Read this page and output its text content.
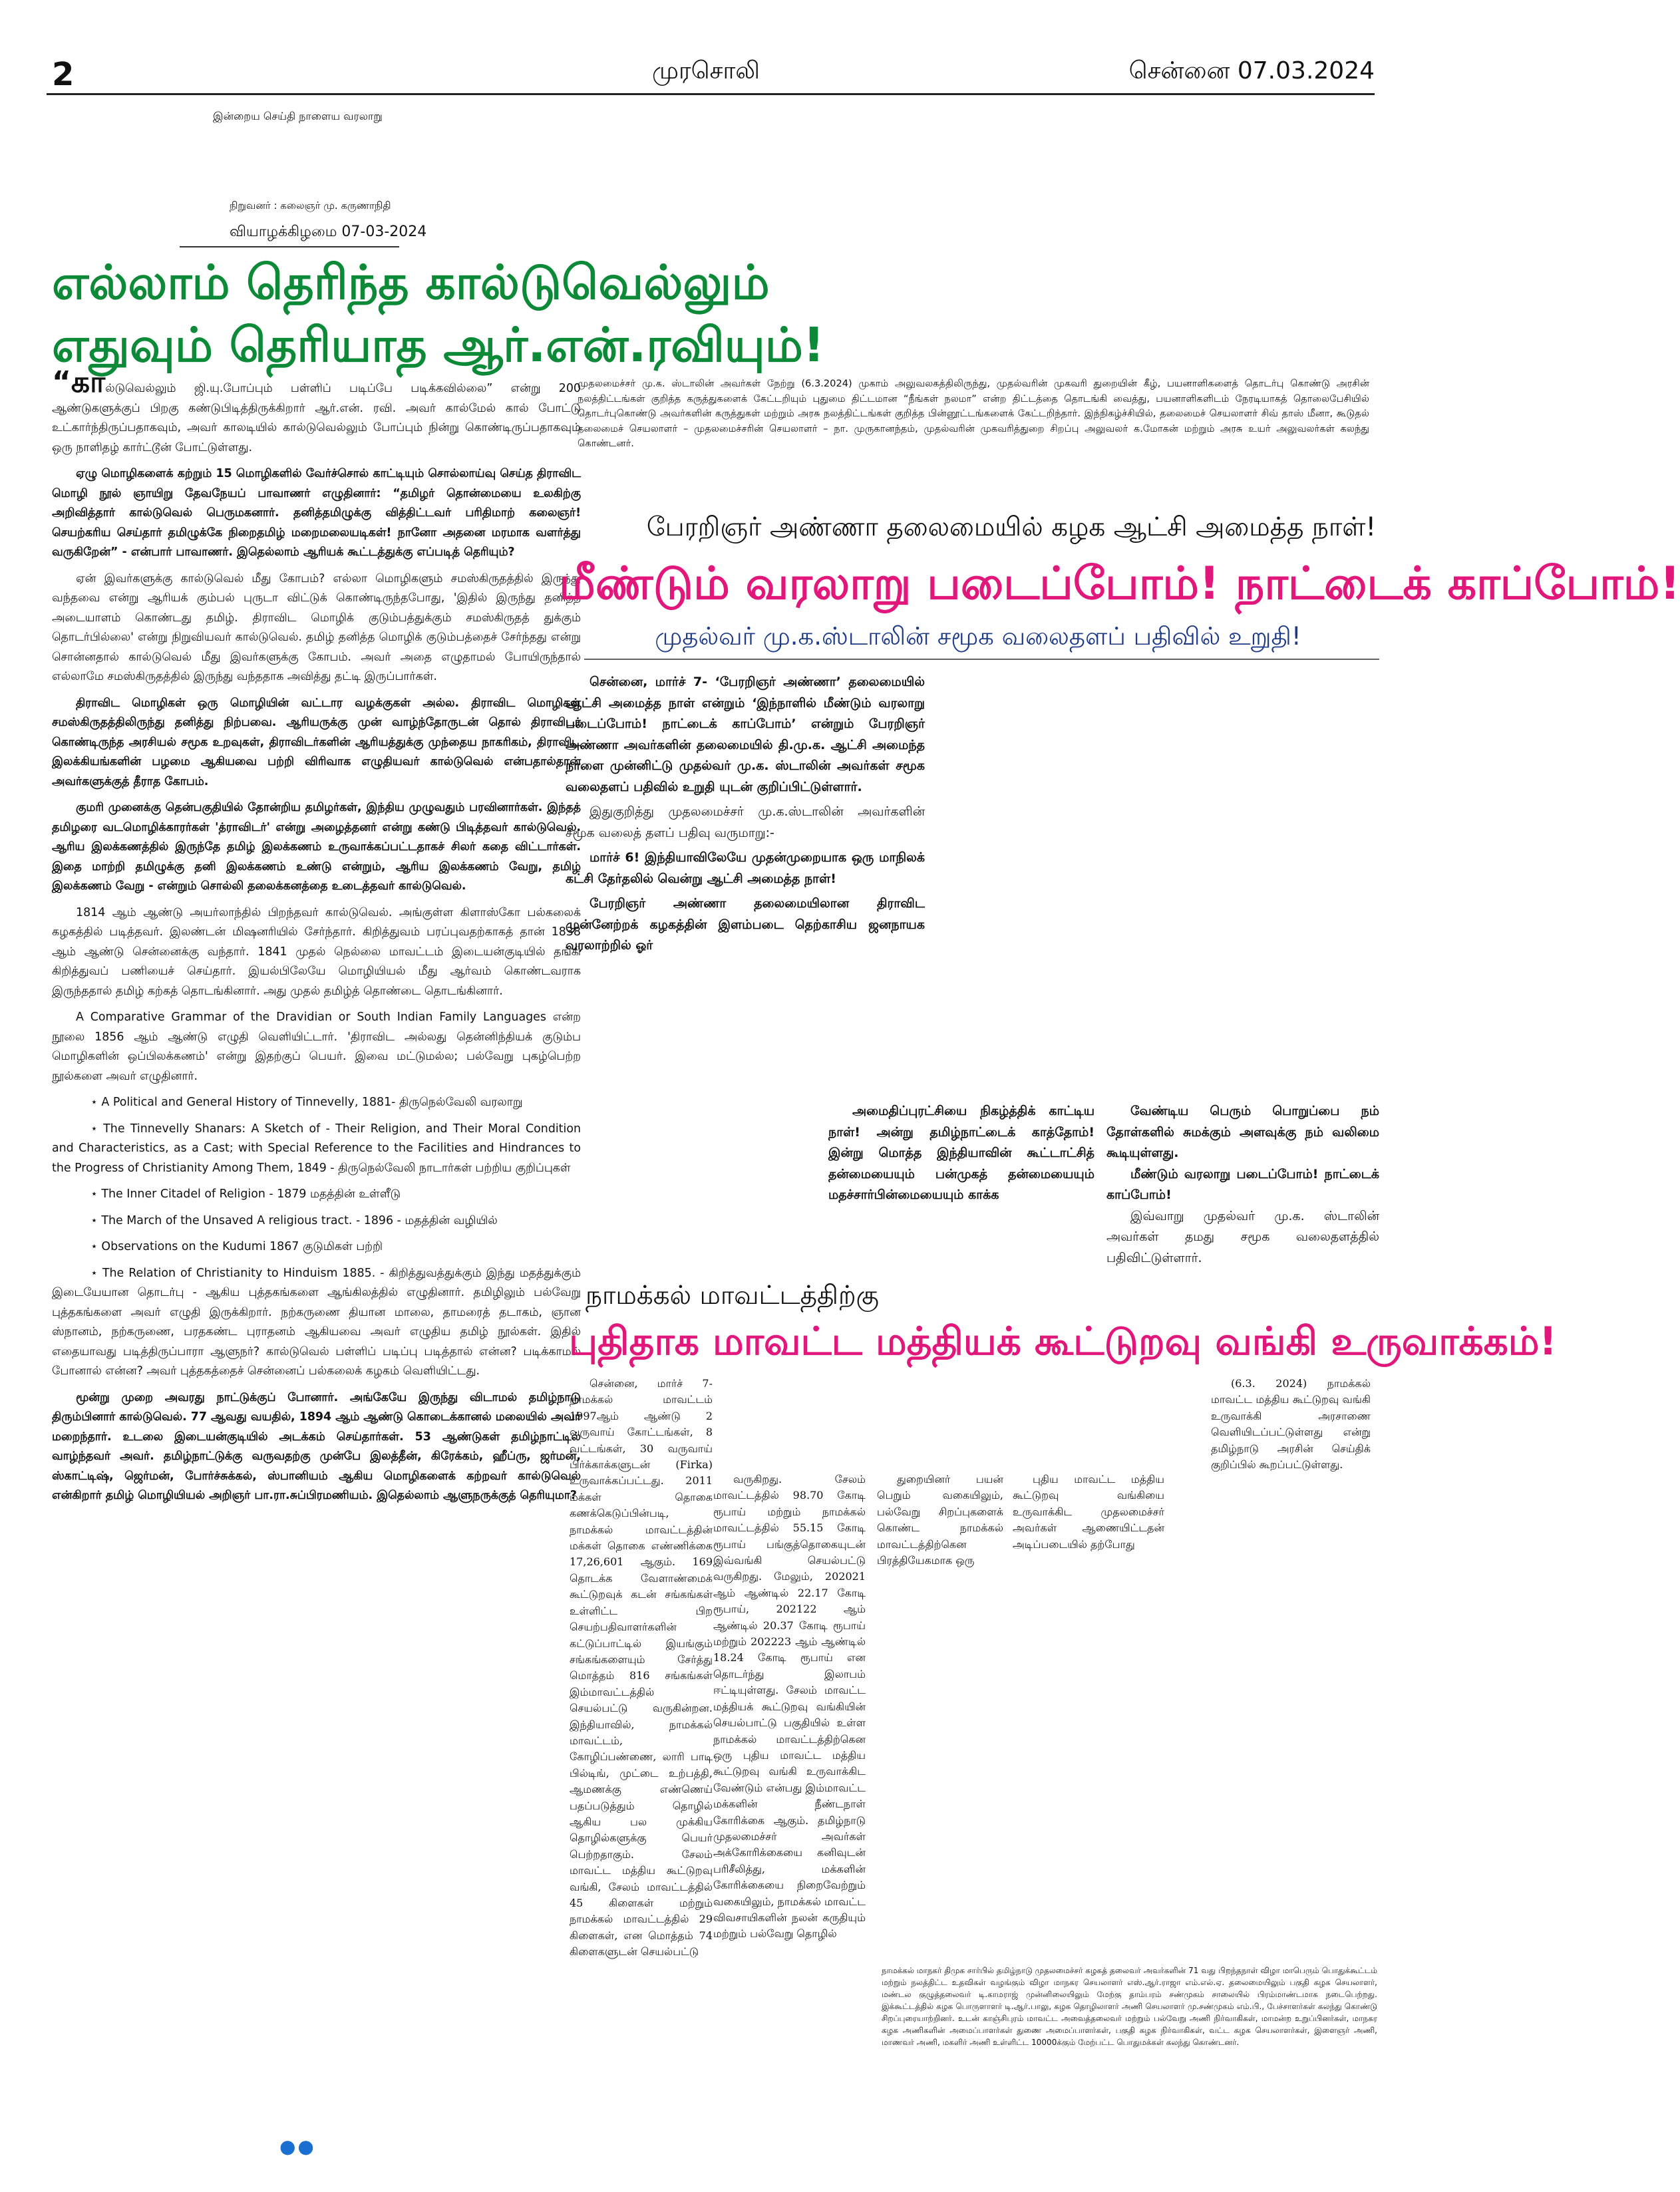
2	முரசொலி	சென்னை 07.03.2024
இன்றைய செய்தி நாளைய வரலாறு
நிறுவனர் : கலைஞர் மு. கருணாநிதி
வியாழக்கிழமை 07-03-2024
எல்லாம் தெரிந்த கால்டுவெல்லும்
எதுவும் தெரியாத ஆர்.என்.ரவியும்!

“கால்டுவெல்லும் ஜி.யு.போப்பும் பள்ளிப் படிப்பே படிக்கவில்லை” என்று 200 ஆண்டுகளுக்குப் பிறகு கண்டுபிடித்திருக்கிறார் ஆர்.என். ரவி. அவர் கால்மேல் கால் போட்டு உட்கார்ந்திருப்பதாகவும், அவர் காலடியில் கால்டுவெல்லும் போப்பும் நின்று கொண்டிருப்பதாகவும் ஒரு நாளிதழ் கார்ட்டூன் போட்டுள்ளது.

ஏழு மொழிகளைக் கற்றும் 15 மொழிகளில் வேர்ச்சொல் காட்டியும் சொல்லாய்வு செய்த திராவிட மொழி நூல் ஞாயிறு தேவநேயப் பாவாணர் எழுதினார்: “தமிழர் தொன்மையை உலகிற்கு அறிவித்தார் கால்டுவெல் பெருமகனார். தனித்தமிழுக்கு வித்திட்டவர் பரிதிமாற் கலைஞர்! செயற்கரிய செய்தார் தமிழுக்கே நிறைதமிழ் மறைமலையடிகள்! நானோ அதனை மரமாக வளர்த்து வருகிறேன்” - என்பார் பாவாணர். இதெல்லாம் ஆரியக் கூட்டத்துக்கு எப்படித் தெரியும்?

ஏன் இவர்களுக்கு கால்டுவெல் மீது கோபம்? எல்லா மொழிகளும் சமஸ்கிருதத்தில் இருந்து வந்தவை என்று ஆரியக் கும்பல் புருடா விட்டுக் கொண்டிருந்தபோது, 'இதில் இருந்து தனித்த அடையாளம் கொண்டது தமிழ். திராவிட மொழிக் குடும்பத்துக்கும் சமஸ்கிருதத் துக்கும் தொடர்பில்லை' என்று நிறுவியவர் கால்டுவெல். தமிழ் தனித்த மொழிக் குடும்பத்தைச் சேர்ந்தது என்று சொன்னதால் கால்டுவெல் மீது இவர்களுக்கு கோபம். அவர் அதை எழுதாமல் போயிருந்தால் எல்லாமே சமஸ்கிருதத்தில் இருந்து வந்ததாக அவித்து தட்டி இருப்பார்கள்.

திராவிட மொழிகள் ஒரு மொழியின் வட்டார வழக்குகள் அல்ல. திராவிட மொழிகள் சமஸ்கிருதத்திலிருந்து தனித்து நிற்பவை. ஆரியருக்கு முன் வாழ்ந்தோருடன் தொல் திராவிடர் கொண்டிருந்த அரசியல் சமூக உறவுகள், திராவிடர்களின் ஆரியத்துக்கு முந்தைய நாகரிகம், திராவிட இலக்கியங்களின் பழமை ஆகியவை பற்றி விரிவாக எழுதியவர் கால்டுவெல் என்பதால்தான் அவர்களுக்குத் தீராத கோபம்.

குமரி முனைக்கு தென்பகுதியில் தோன்றிய தமிழர்கள், இந்திய முழுவதும் பரவினார்கள். இந்தத் தமிழரை வடமொழிக்காரர்கள் 'த்ராவிடர்' என்று அழைத்தனர் என்று கண்டு பிடித்தவர் கால்டுவெல். ஆரிய இலக்கணத்தில் இருந்தே தமிழ் இலக்கணம் உருவாக்கப்பட்டதாகச் சிலர் கதை விட்டார்கள். இதை மாற்றி தமிழுக்கு தனி இலக்கணம் உண்டு என்றும், ஆரிய இலக்கணம் வேறு, தமிழ் இலக்கணம் வேறு - என்றும் சொல்லி தலைக்கனத்தை உடைத்தவர் கால்டுவெல்.

1814 ஆம் ஆண்டு அயர்லாந்தில் பிறந்தவர் கால்டுவெல். அங்குள்ள கிளாஸ்கோ பல்கலைக் கழகத்தில் படித்தவர். இலண்டன் மிஷனரியில் சேர்ந்தார். கிறித்துவம் பரப்புவதற்காகத் தான் 1838 ஆம் ஆண்டு சென்னைக்கு வந்தார். 1841 முதல் நெல்லை மாவட்டம் இடையன்குடியில் தங்கி கிறித்துவப் பணியைச் செய்தார். இயல்பிலேயே மொழியியல் மீது ஆர்வம் கொண்டவராக இருந்ததால் தமிழ் கற்கத் தொடங்கினார். அது முதல் தமிழ்த் தொண்டை தொடங்கினார்.

A Comparative Grammar of the Dravidian or South Indian Family Languages என்ற நூலை 1856 ஆம் ஆண்டு எழுதி வெளியிட்டார். 'திராவிட அல்லது தென்னிந்தியக் குடும்ப மொழிகளின் ஒப்பிலக்கணம்' என்று இதற்குப் பெயர். இவை மட்டுமல்ல; பல்வேறு புகழ்பெற்ற நூல்களை அவர் எழுதினார்.

⋆ A Political and General History of Tinnevelly, 1881- திருநெல்வேலி வரலாறு

⋆ The Tinnevelly Shanars: A Sketch of - Their Religion, and Their Moral Condition and Characteristics, as a Cast; with Special Reference to the Facilities and Hindrances to the Progress of Christianity Among Them, 1849 - திருநெல்வேலி நாடார்கள் பற்றிய குறிப்புகள்

⋆ The Inner Citadel of Religion - 1879 மதத்தின் உள்ளீடு

⋆ The March of the Unsaved A religious tract. - 1896 - மதத்தின் வழியில்

⋆ Observations on the Kudumi 1867 குடுமிகள் பற்றி

⋆ The Relation of Christianity to Hinduism 1885. - கிறித்துவத்துக்கும் இந்து மதத்துக்கும் இடையேயான தொடர்பு - ஆகிய புத்தகங்களை ஆங்கிலத்தில் எழுதினார். தமிழிலும் பல்வேறு புத்தகங்களை அவர் எழுதி இருக்கிறார். நற்கருணை தியான மாலை, தாமரைத் தடாகம், ஞான ஸ்நானம், நற்கருணை, பரதகண்ட புராதனம் ஆகியவை அவர் எழுதிய தமிழ் நூல்கள். இதில் எதையாவது படித்திருப்பாரா ஆளுநர்? கால்டுவெல் பள்ளிப் படிப்பு படித்தால் என்ன? படிக்காமல் போனால் என்ன? அவர் புத்தகத்தைச் சென்னைப் பல்கலைக் கழகம் வெளியிட்டது.

மூன்று முறை அவரது நாட்டுக்குப் போனார். அங்கேயே இருந்து விடாமல் தமிழ்நாடு திரும்பினார் கால்டுவெல். 77 ஆவது வயதில், 1894 ஆம் ஆண்டு கொடைக்கானல் மலையில் அவர் மறைந்தார். உடலை இடையன்குடியில் அடக்கம் செய்தார்கள். 53 ஆண்டுகள் தமிழ்நாட்டில் வாழ்ந்தவர் அவர். தமிழ்நாட்டுக்கு வருவதற்கு முன்பே இலத்தீன், கிரேக்கம், ஹீப்ரு, ஜர்மன், ஸ்காட்டிஷ், ஜெர்மன், போர்ச்சுக்கல், ஸ்பானியம் ஆகிய மொழிகளைக் கற்றவர் கால்டுவெல் என்கிறார் தமிழ் மொழியியல் அறிஞர் பா.ரா.சுப்பிரமணியம். இதெல்லாம் ஆளுநருக்குத் தெரியுமா?

●●
முதலமைச்சர் மு.க. ஸ்டாலின் அவர்கள் நேற்று (6.3.2024) முகாம் அலுவலகத்திலிருந்து, முதல்வரின் முகவரி துறையின் கீழ், பயனாளிகளைத் தொடர்பு கொண்டு அரசின் நலத்திட்டங்கள் குறித்த கருத்துகளைக் கேட்டறியும் புதுமை திட்டமான “நீங்கள் நலமா” என்ற திட்டத்தை தொடங்கி வைத்து, பயனாளிகளிடம் நேரடியாகத் தொலைபேசியில் தொடர்புகொண்டு அவர்களின் கருத்துகள் மற்றும் அரசு நலத்திட்டங்கள் குறித்த பின்னூட்டங்களைக் கேட்டறிந்தார். இந்நிகழ்ச்சியில், தலைமைச் செயலாளர் சிவ் தாஸ் மீனா, கூடுதல் தலைமைச் செயலாளர் – முதலமைச்சரின் செயலாளர் – நா. முருகானந்தம், முதல்வரின் முகவரித்துறை சிறப்பு அலுவலர் க.மோகன் மற்றும் அரசு உயர் அலுவலர்கள் கலந்து கொண்டனர்.
பேரறிஞர் அண்ணா தலைமையில் கழக ஆட்சி அமைத்த நாள்!
மீண்டும் வரலாறு படைப்போம்! நாட்டைக் காப்போம்!
முதல்வர் மு.க.ஸ்டாலின் சமூக வலைதளப் பதிவில் உறுதி!

சென்னை, மார்ச் 7- ‘பேரறிஞர் அண்ணா’ தலைமையில் ஆட்சி அமைத்த நாள் என்றும் ‘இந்நாளில் மீண்டும் வரலாறு படைப்போம்! நாட்டைக் காப்போம்’ என்றும் பேரறிஞர் அண்ணா அவர்களின் தலைமையில் தி.மு.க. ஆட்சி அமைந்த நாளை முன்னிட்டு முதல்வர் மு.க. ஸ்டாலின் அவர்கள் சமூக வலைதளப் பதிவில் உறுதி யுடன் குறிப்பிட்டுள்ளார்.

இதுகுறித்து முதலமைச்சர் மு.க.ஸ்டாலின் அவர்களின் சமூக வலைத் தளப் பதிவு வருமாறு:-

மார்ச் 6! இந்தியாவிலேயே முதன்முறையாக ஒரு மாநிலக் கட்சி தேர்தலில் வென்று ஆட்சி அமைத்த நாள்!

பேரறிஞர் அண்ணா தலைமையிலான திராவிட முன்னேற்றக் கழகத்தின் இளம்படை தெற்காசிய ஜனநாயக வரலாற்றில் ஓர்

அமைதிப்புரட்சியை நிகழ்த்திக் காட்டிய நாள்! அன்று தமிழ்நாட்டைக் காத்தோம்! இன்று மொத்த இந்தியாவின் கூட்டாட்சித் தன்மையையும் பன்முகத் தன்மையையும் மதச்சார்பின்மையையும் காக்க

வேண்டிய பெரும் பொறுப்பை நம் தோள்களில் சுமக்கும் அளவுக்கு நம் வலிமை கூடியுள்ளது.

மீண்டும் வரலாறு படைப்போம்! நாட்டைக் காப்போம்!

இவ்வாறு முதல்வர் மு.க. ஸ்டாலின் அவர்கள் தமது சமூக வலைதளத்தில் பதிவிட்டுள்ளார்.

நாமக்கல் மாவட்டத்திற்கு
புதிதாக மாவட்ட மத்தியக் கூட்டுறவு வங்கி உருவாக்கம்!

சென்னை, மார்ச் 7- நாமக்கல் மாவட்டம் 1997ஆம் ஆண்டு 2 வருவாய் கோட்டங்கள், 8 வட்டங்கள், 30 வருவாய் பிர்க்காக்களுடன் (Firka) உருவாக்கப்பட்டது. 2011 மக்கள் தொகை கணக்கெடுப்பின்படி, நாமக்கல் மாவட்டத்தின் மக்கள் தொகை எண்ணிக்கை 17,26,601 ஆகும். 169 தொடக்க வேளாண்மைக் கூட்டுறவுக் கடன் சங்கங்கள் உள்ளிட்ட பிற செயற்பதிவாளர்களின் கட்டுப்பாட்டில் இயங்கும் சங்கங்களையும் சேர்த்து மொத்தம் 816 சங்கங்கள் இம்மாவட்டத்தில் செயல்பட்டு வருகின்றன. இந்தியாவில், நாமக்கல் மாவட்டம், கோழிப்பண்ணை, லாரி பாடி பில்டிங், முட்டை உற்பத்தி, ஆமணக்கு எண்ணெய் பதப்படுத்தும் தொழில் ஆகிய பல முக்கிய தொழில்களுக்கு பெயர் பெற்றதாகும். சேலம் மாவட்ட மத்திய கூட்டுறவு வங்கி, சேலம் மாவட்டத்தில் 45 கிளைகள் மற்றும் நாமக்கல் மாவட்டத்தில் 29 கிளைகள், என மொத்தம் 74 கிளைகளுடன் செயல்பட்டு

வருகிறது. சேலம் மாவட்டத்தில் 98.70 கோடி ரூபாய் மற்றும் நாமக்கல் மாவட்டத்தில் 55.15 கோடி ரூபாய் பங்குத்தொகையுடன் இவ்வங்கி செயல்பட்டு வருகிறது. மேலும், 202021 ஆம் ஆண்டில் 22.17 கோடி ரூபாய், 202122 ஆம் ஆண்டில் 20.37 கோடி ரூபாய் மற்றும் 202223 ஆம் ஆண்டில் 18.24 கோடி ரூபாய் என தொடர்ந்து இலாபம் ஈட்டியுள்ளது. சேலம் மாவட்ட மத்தியக் கூட்டுறவு வங்கியின் செயல்பாட்டு பகுதியில் உள்ள நாமக்கல் மாவட்டத்திற்கென ஒரு புதிய மாவட்ட மத்திய கூட்டுறவு வங்கி உருவாக்கிட வேண்டும் என்பது இம்மாவட்ட மக்களின் நீண்டநாள் கோரிக்கை ஆகும். தமிழ்நாடு முதலமைச்சர் அவர்கள் அக்கோரிக்கையை கனிவுடன் பரிசீலித்து, மக்களின் கோரிக்கையை நிறைவேற்றும் வகையிலும், நாமக்கல் மாவட்ட விவசாயிகளின் நலன் கருதியும் மற்றும் பல்வேறு தொழில்

துறையினர் பயன் பெறும் வகையிலும், பல்வேறு சிறப்புகளைக் கொண்ட நாமக்கல் மாவட்டத்திற்கென பிரத்தியேகமாக ஒரு

புதிய மாவட்ட மத்திய கூட்டுறவு வங்கியை உருவாக்கிட முதலமைச்சர் அவர்கள் ஆணையிட்டதன் அடிப்படையில் தற்போது

(6.3. 2024) நாமக்கல் மாவட்ட மத்திய கூட்டுறவு வங்கி உருவாக்கி அரசாணை வெளியிடப்பட்டுள்ளது என்று தமிழ்நாடு அரசின் செய்திக் குறிப்பில் கூறப்பட்டுள்ளது.

நாமக்கல் மாநகர் திமுக சார்பில் தமிழ்நாடு முதலமைச்சர் கழகத் தலைவர் அவர்களின் 71 வது பிறந்தநாள் விழா மாபெரும் பொதுக்கூட்டம் மற்றும் நலத்திட்ட உதவிகள் வழங்கும் விழா மாநகர செயலாளர் எஸ்.ஆர்.ராஜா எம்.எல்.ஏ. தலைமையிலும் பகுதி கழக செயலாளர், மண்டல குழுத்தலைவர் டி.காமராஜ் முன்னிலையிலும் மேற்கு தாம்பரம் சண்முகம் சாலையில் பிரம்மாண்டமாக நடைபெற்றது. இக்கூட்டத்தில் கழக பொருளாளர் டி.ஆர்.பாலு, கழக தொழிலாளர் அணி செயலாளர் மு.சண்முகம் எம்.பி., பேச்சாளர்கள் கலந்து கொண்டு சிறப்புரையாற்றினர். உடன் காஞ்சிபுரம் மாவட்ட அவைத்தலைவர் மற்றும் பல்வேறு அணி நிர்வாகிகள், மாமன்ற உறுப்பினர்கள், மாநகர கழக அணிகளின் அமைப்பாளர்கள் துணை அமைப்பாளர்கள், பகுதி கழக நிர்வாகிகள், வட்ட கழக செயலாளர்கள், இளைஞர் அணி, மாணவர் அணி, மகளிர் அணி உள்ளிட்ட 10000க்கும் மேற்பட்ட பொதுமக்கள் கலந்து கொண்டனர்.
